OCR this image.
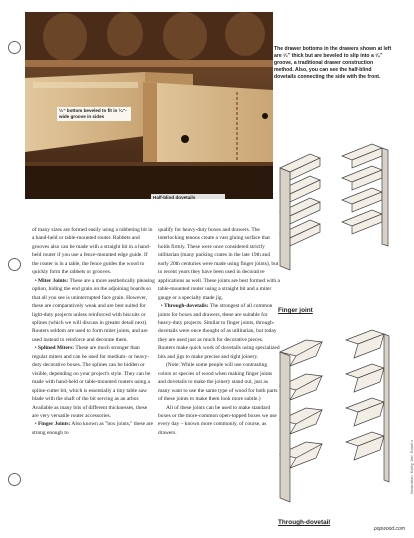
¹⁄₂" bottom beveled to fit in ¹⁄₄"-wide groove in sides
Half-blind dovetails
The drawer bottoms in the drawers shown at left are ¹⁄₂" thick but are beveled to slip into a ¹⁄₄" groove, a traditional drawer construction method. Also, you can see the half-blind dovetails connecting the side with the front.

of many sizes are formed easily using a rabbeting bit in a hand-held or table-mounted router. Rabbets and grooves also can be made with a straight bit in a hand-held router if you use a fence-mounted edge guide. If the router is in a table, the fence guides the wood to quickly form the rabbets or grooves.

• Miter Joints: These are a more aesthetically pleasing option, hiding the end grain on the adjoining boards so that all you see is uninterrupted face grain. However, these are comparatively weak and are best suited for light-duty projects unless reinforced with biscuits or splines (which we will discuss in greater detail next). Routers seldom are used to form miter joints, and are used instead to reinforce and decorate them.

• Splined Miters: These are much stronger than regular miters and can be used for medium- or heavy-duty decorative boxes. The splines can be hidden or visible, depending on your project's style. They can be made with hand-held or table-mounted routers using a spline-cutter bit, which is essentially a tiny table saw blade with the shaft of the bit serving as an arbor. Available as many bits of different thicknesses, these are very versatile router accessories.

• Finger Joints: Also known as "box joints," these are strong enough to

qualify for heavy-duty boxes and drawers. The interlocking tenons create a vast gluing surface that holds firmly. These were once considered strictly utilitarian (many packing crates in the late 19th and early 20th centuries were made using finger joints), but in recent years they have been used in decorative applications as well. These joints are best formed with a table-mounted router using a straight bit and a miter gauge or a specialty made jig.

• Through-dovetails: The strongest of all common joints for boxes and drawers, these are suitable for heavy-duty projects. Similar to finger joints, through-dovetails were once thought of as utilitarian, but today they are used just as much for decorative pieces. Routers make quick work of dovetails using specialized bits and jigs to make precise and tight joinery.

(Note: While some people will use contrasting colors or species of wood when making finger joints and dovetails to make the joinery stand out, just as many want to use the same type of wood for both parts of these joints to make them look more subtle.)

All of these joints can be used to make standard boxes or the more-common open-topped boxes we use every day – known more commonly, of course, as drawers.

Finger joint
Through-dovetail
Illustration: Kathy Jarr, Eatall s
popwood.com
